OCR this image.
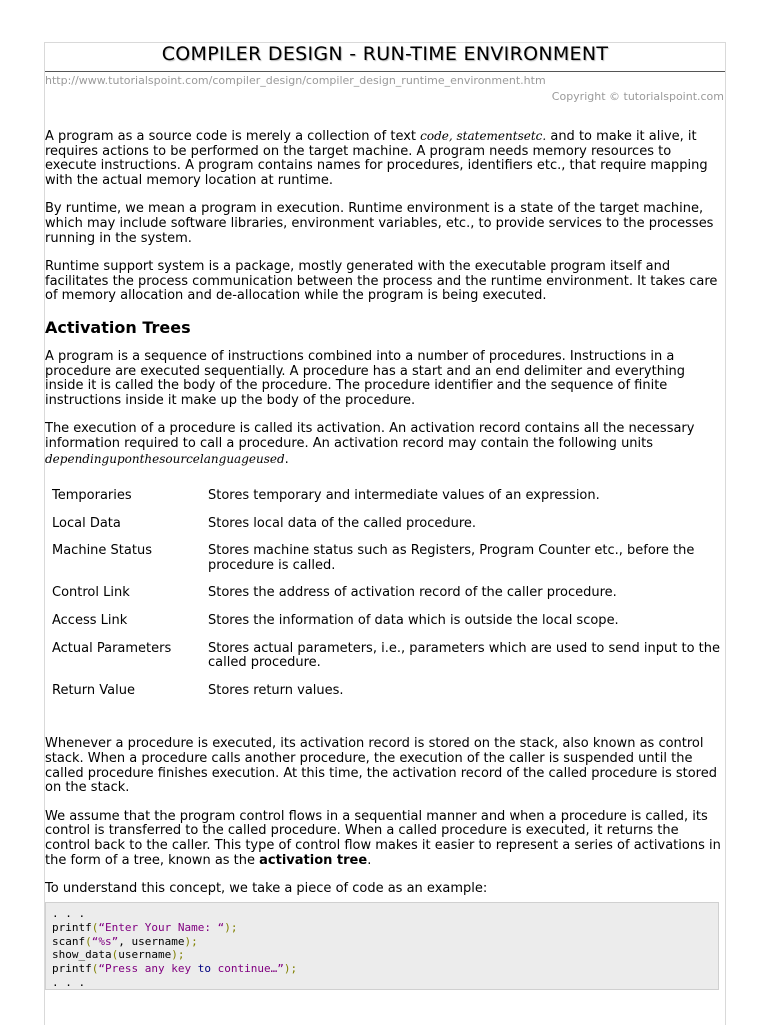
COMPILER DESIGN - RUN-TIME ENVIRONMENT
http://www.tutorialspoint.com/compiler_design/compiler_design_runtime_environment.htm
Copyright © tutorialspoint.com

A program as a source code is merely a collection of text code, statementsetc. and to make it alive, it requires actions to be performed on the target machine. A program needs memory resources to execute instructions. A program contains names for procedures, identifiers etc., that require mapping with the actual memory location at runtime.

By runtime, we mean a program in execution. Runtime environment is a state of the target machine, which may include software libraries, environment variables, etc., to provide services to the processes running in the system.

Runtime support system is a package, mostly generated with the executable program itself and facilitates the process communication between the process and the runtime environment. It takes care of memory allocation and de-allocation while the program is being executed.

Activation Trees

A program is a sequence of instructions combined into a number of procedures. Instructions in a procedure are executed sequentially. A procedure has a start and an end delimiter and everything inside it is called the body of the procedure. The procedure identifier and the sequence of finite instructions inside it make up the body of the procedure.

The execution of a procedure is called its activation. An activation record contains all the necessary information required to call a procedure. An activation record may contain the following units dependinguponthesourcelanguageused.

Temporaries	Stores temporary and intermediate values of an expression.
Local Data	Stores local data of the called procedure.
Machine Status	Stores machine status such as Registers, Program Counter etc., before the procedure is called.
Control Link	Stores the address of activation record of the caller procedure.
Access Link	Stores the information of data which is outside the local scope.
Actual Parameters	Stores actual parameters, i.e., parameters which are used to send input to the called procedure.
Return Value	Stores return values.

Whenever a procedure is executed, its activation record is stored on the stack, also known as control stack. When a procedure calls another procedure, the execution of the caller is suspended until the called procedure finishes execution. At this time, the activation record of the called procedure is stored on the stack.

We assume that the program control flows in a sequential manner and when a procedure is called, its control is transferred to the called procedure. When a called procedure is executed, it returns the control back to the caller. This type of control flow makes it easier to represent a series of activations in the form of a tree, known as the activation tree.

To understand this concept, we take a piece of code as an example:

. . .
printf(“Enter Your Name: “);
scanf(“%s”, username);
show_data(username);
printf(“Press any key to continue…”);
. . .
